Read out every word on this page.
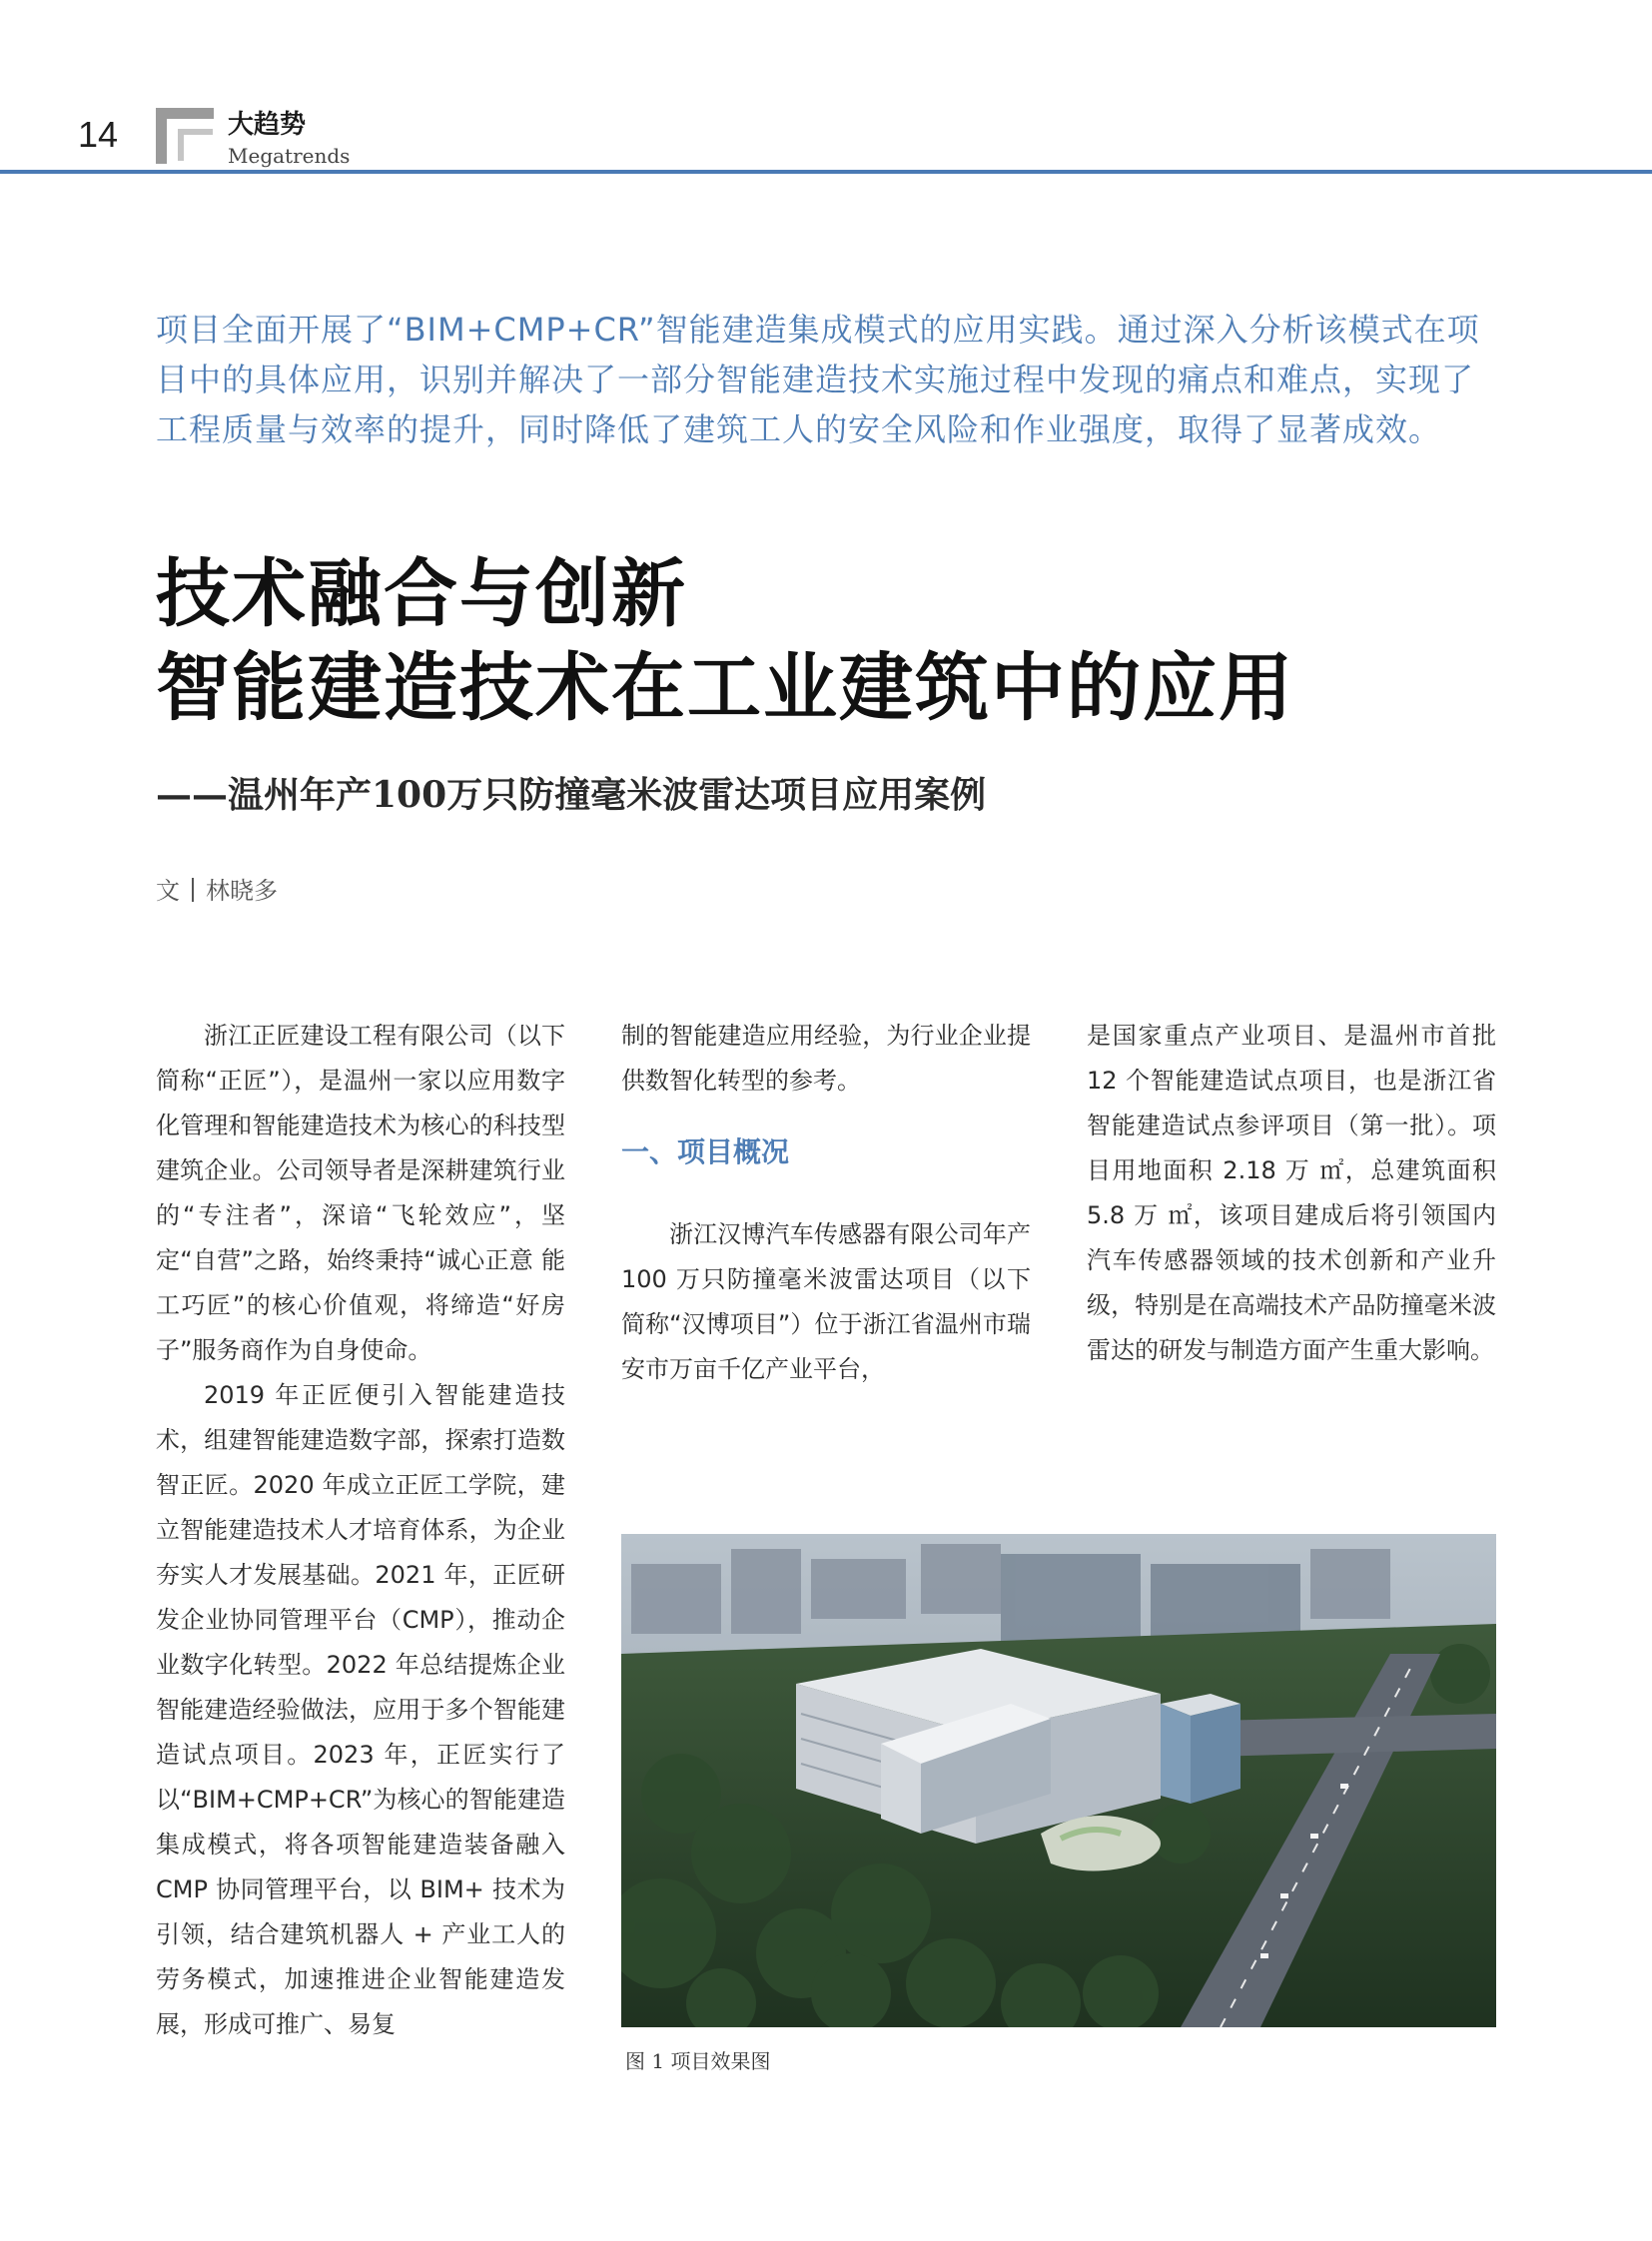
14	大趋势
Megatrends

项目全面开展了“BIM+CMP+CR”智能建造集成模式的应用实践。通过深入分析该模式在项目中的具体应用，识别并解决了一部分智能建造技术实施过程中发现的痛点和难点，实现了工程质量与效率的提升，同时降低了建筑工人的安全风险和作业强度，取得了显著成效。

技术融合与创新
智能建造技术在工业建筑中的应用
——温州年产100万只防撞毫米波雷达项目应用案例
文 林晓多

浙江正匠建设工程有限公司（以下简称“正匠”），是温州一家以应用数字化管理和智能建造技术为核心的科技型建筑企业。公司领导者是深耕建筑行业的“专注者”，深谙“飞轮效应”，坚定“自营”之路，始终秉持“诚心正意 能工巧匠”的核心价值观，将缔造“好房子”服务商作为自身使命。

2019 年正匠便引入智能建造技术，组建智能建造数字部，探索打造数智正匠。2020 年成立正匠工学院，建立智能建造技术人才培育体系，为企业夯实人才发展基础。2021 年，正匠研发企业协同管理平台（CMP），推动企业数字化转型。2022 年总结提炼企业智能建造经验做法，应用于多个智能建造试点项目。2023 年，正匠实行了以“BIM+CMP+CR”为核心的智能建造集成模式，将各项智能建造装备融入 CMP 协同管理平台，以 BIM+ 技术为引领，结合建筑机器人 + 产业工人的劳务模式，加速推进企业智能建造发展，形成可推广、易复

制的智能建造应用经验，为行业企业提供数智化转型的参考。

一、项目概况

浙江汉博汽车传感器有限公司年产 100 万只防撞毫米波雷达项目（以下简称“汉博项目”）位于浙江省温州市瑞安市万亩千亿产业平台，

是国家重点产业项目、是温州市首批 12 个智能建造试点项目，也是浙江省智能建造试点参评项目（第一批）。项目用地面积 2.18 万 ㎡，总建筑面积 5.8 万 ㎡，该项目建成后将引领国内汽车传感器领域的技术创新和产业升级，特别是在高端技术产品防撞毫米波雷达的研发与制造方面产生重大影响。

图 1 项目效果图
